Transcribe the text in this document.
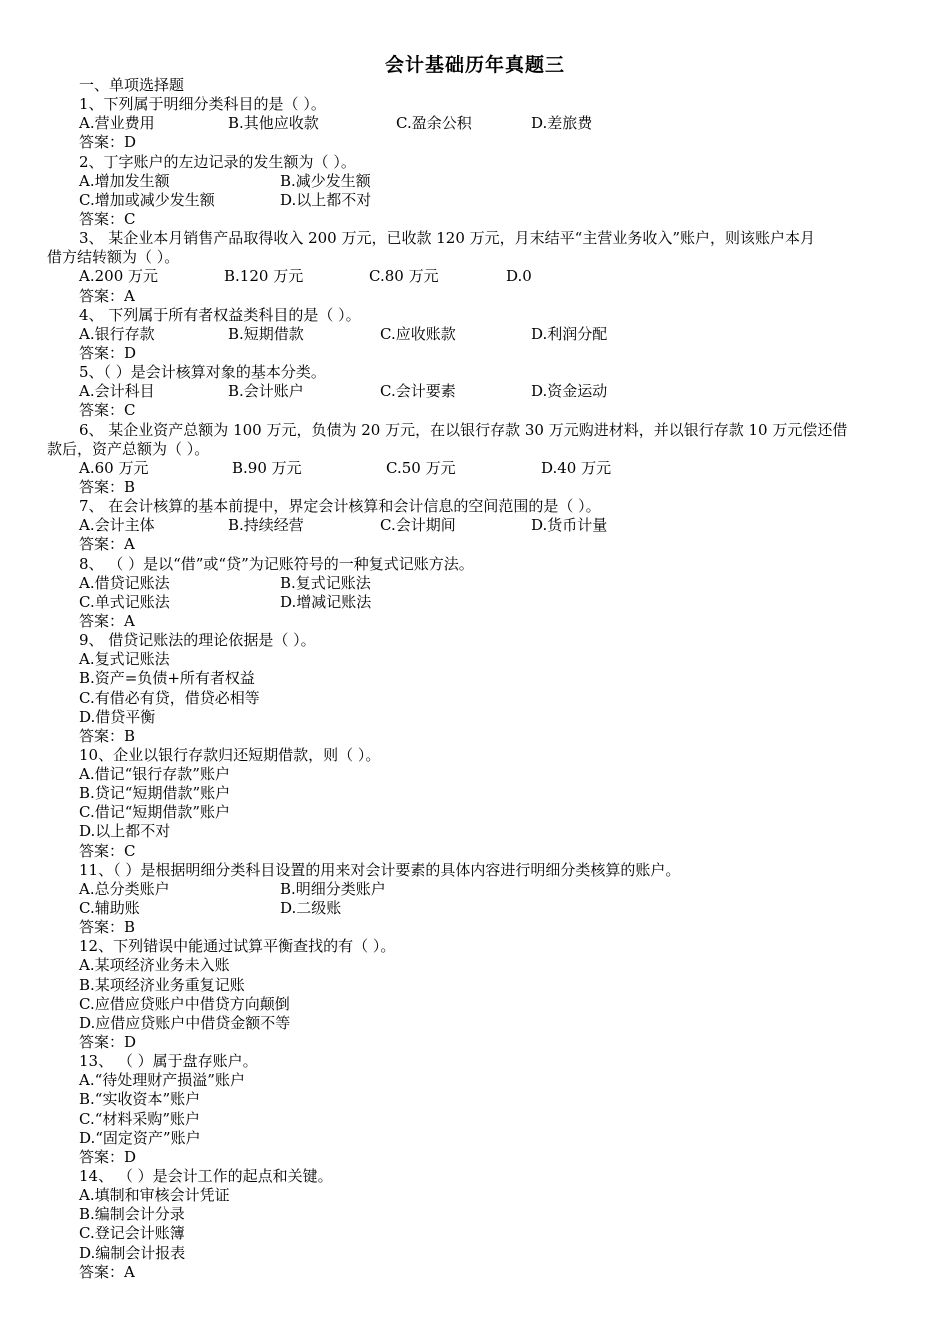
会计基础历年真题三
一、单项选择题
1、下列属于明细分类科目的是（ ）。
A.营业费用	B.其他应收款	C.盈余公积	D.差旅费
答案：D
2、丁字账户的左边记录的发生额为（ ）。
A.增加发生额	B.减少发生额
C.增加或减少发生额	D.以上都不对
答案：C
3、 某企业本月销售产品取得收入 200 万元，已收款 120 万元，月末结平“主营业务收入”账户，则该账户本月
借方结转额为（ ）。
A.200 万元	B.120 万元	C.80 万元	D.0
答案：A
4、 下列属于所有者权益类科目的是（ ）。
A.银行存款	B.短期借款	C.应收账款	D.利润分配
答案：D
5、（ ）是会计核算对象的基本分类。
A.会计科目	B.会计账户	C.会计要素	D.资金运动
答案：C
6、 某企业资产总额为 100 万元，负债为 20 万元，在以银行存款 30 万元购进材料，并以银行存款 10 万元偿还借
款后，资产总额为（ ）。
A.60 万元	B.90 万元	C.50 万元	D.40 万元
答案：B
7、 在会计核算的基本前提中，界定会计核算和会计信息的空间范围的是（ ）。
A.会计主体	B.持续经营	C.会计期间	D.货币计量
答案：A
8、 （ ）是以“借”或“贷”为记账符号的一种复式记账方法。
A.借贷记账法	B.复式记账法
C.单式记账法	D.增减记账法
答案：A
9、 借贷记账法的理论依据是（ ）。
A.复式记账法
B.资产=负债+所有者权益
C.有借必有贷，借贷必相等
D.借贷平衡
答案：B
10、企业以银行存款归还短期借款，则（ ）。
A.借记“银行存款”账户
B.贷记“短期借款”账户
C.借记“短期借款”账户
D.以上都不对
答案：C
11、（ ）是根据明细分类科目设置的用来对会计要素的具体内容进行明细分类核算的账户。
A.总分类账户	B.明细分类账户
C.辅助账	D.二级账
答案：B
12、下列错误中能通过试算平衡查找的有（ ）。
A.某项经济业务未入账
B.某项经济业务重复记账
C.应借应贷账户中借贷方向颠倒
D.应借应贷账户中借贷金额不等
答案：D
13、 （ ）属于盘存账户。
A.“待处理财产损溢”账户
B.“实收资本”账户
C.“材料采购”账户
D.“固定资产”账户
答案：D
14、 （ ）是会计工作的起点和关键。
A.填制和审核会计凭证
B.编制会计分录
C.登记会计账簿
D.编制会计报表
答案：A
